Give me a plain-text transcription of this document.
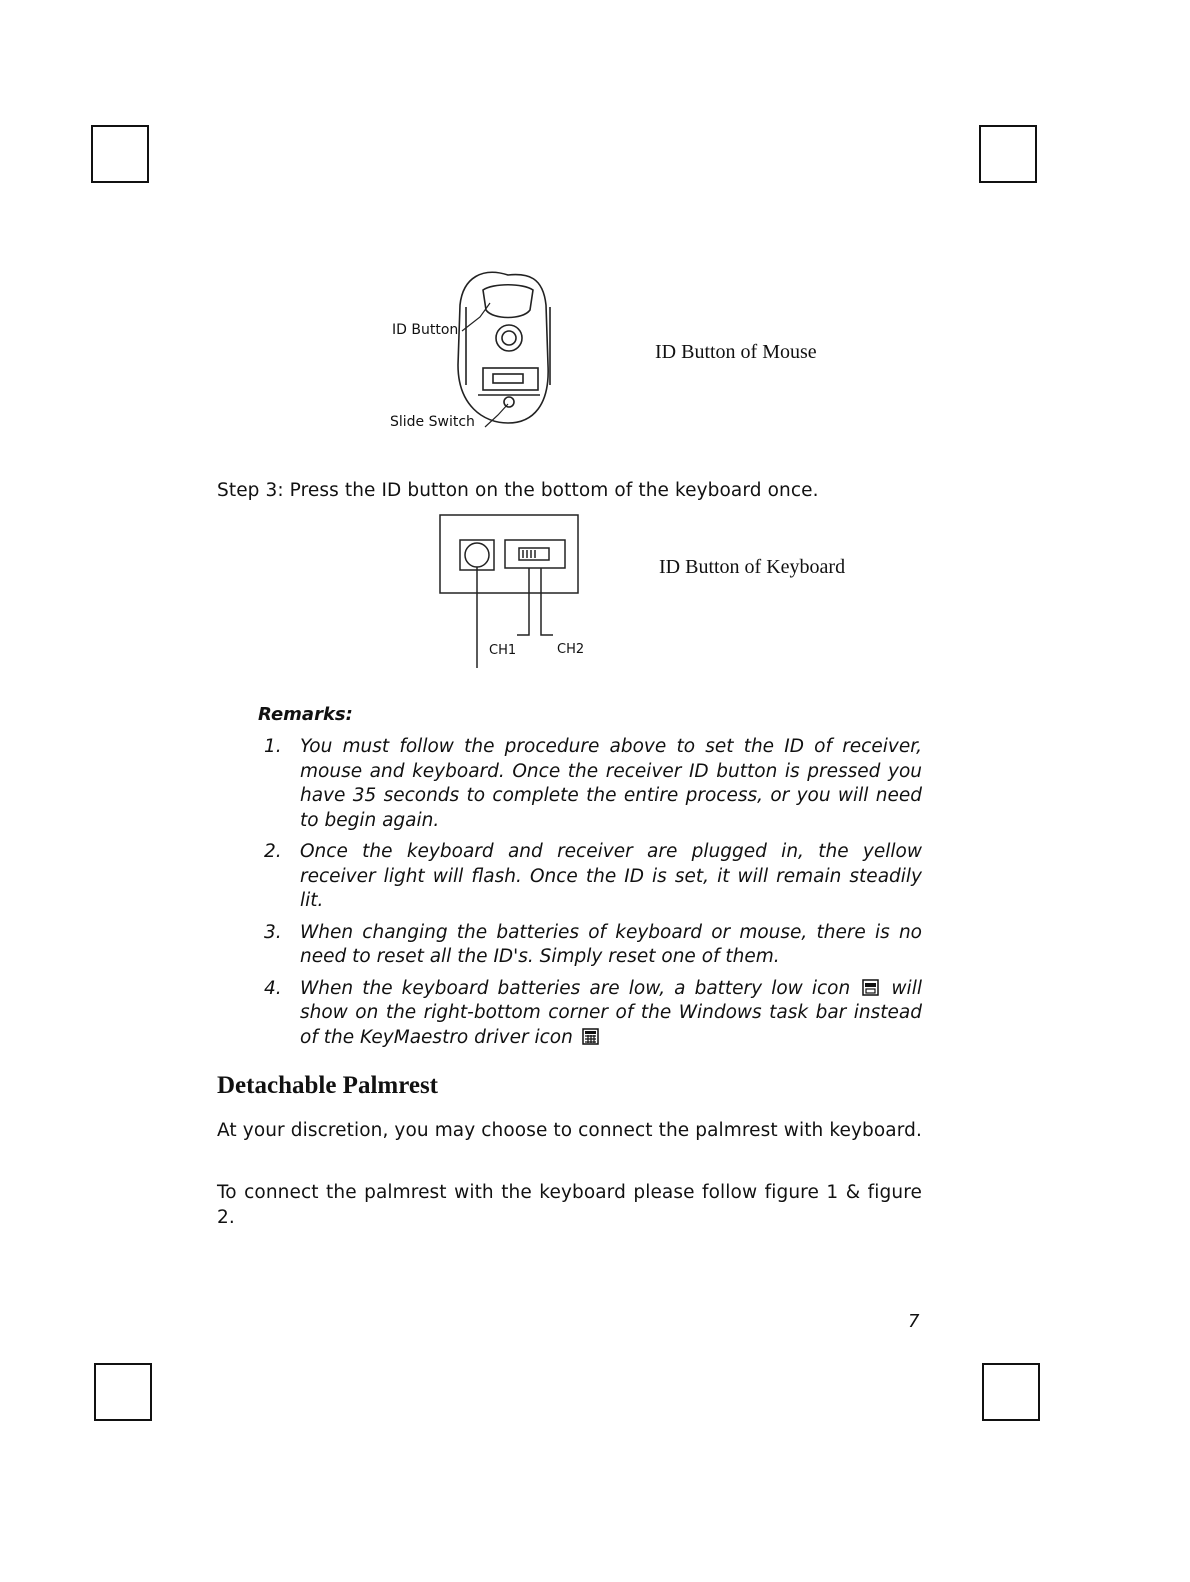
ID Button
Slide Switch
ID Button of Mouse
Step 3: Press the ID button on the bottom of the keyboard once.
CH1	CH2
ID Button of Keyboard
Remarks:
1. You must follow the procedure above to set the ID of receiver, mouse and keyboard. Once the receiver ID button is pressed you have 35 seconds to complete the entire process, or you will need to begin again.
2. Once the keyboard and receiver are plugged in, the yellow receiver light will flash. Once the ID is set, it will remain steadily lit.
3. When changing the batteries of keyboard or mouse, there is no need to reset all the ID's. Simply reset one of them.
4. When the keyboard batteries are low, a battery low icon will show on the right-bottom corner of the Windows task bar instead of the KeyMaestro driver icon
Detachable Palmrest
At your discretion, you may choose to connect the palmrest with keyboard.
To connect the palmrest with the keyboard please follow figure 1 & figure 2.
7
